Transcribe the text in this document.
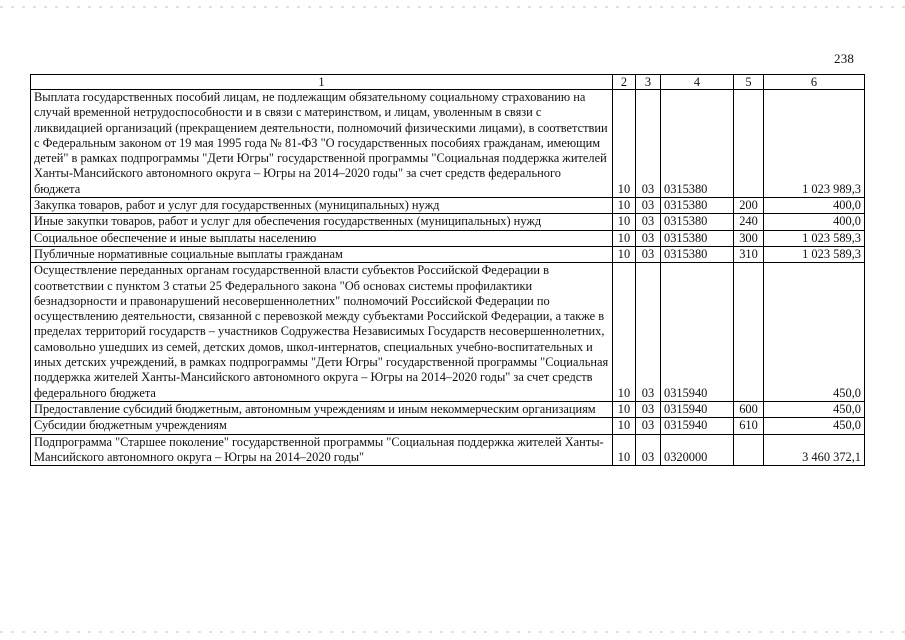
238
1	2	3	4	5	6
Выплата государственных пособий лицам, не подлежащим обязательному социальному страхованию на случай временной нетрудоспособности и в связи с материнством, и лицам, уволенным в связи с ликвидацией организаций (прекращением деятельности, полномочий физическими лицами), в соответствии с Федеральным законом от 19 мая 1995 года № 81-ФЗ "О государственных пособиях гражданам, имеющим детей" в рамках подпрограммы "Дети Югры" государственной программы "Социальная поддержка жителей Ханты-Мансийского автономного округа – Югры на 2014–2020 годы" за счет средств федерального бюджета	10	03	0315380		1 023 989,3
Закупка товаров, работ и услуг для государственных (муниципальных) нужд	10	03	0315380	200	400,0
Иные закупки товаров, работ и услуг для обеспечения государственных (муниципальных) нужд	10	03	0315380	240	400,0
Социальное обеспечение и иные выплаты населению	10	03	0315380	300	1 023 589,3
Публичные нормативные социальные выплаты гражданам	10	03	0315380	310	1 023 589,3
Осуществление переданных органам государственной власти субъектов Российской Федерации в соответствии с пунктом 3 статьи 25 Федерального закона "Об основах системы профилактики безнадзорности и правонарушений несовершеннолетних" полномочий Российской Федерации по осуществлению деятельности, связанной с перевозкой между субъектами Российской Федерации, а также в пределах территорий государств – участников Содружества Независимых Государств несовершеннолетних, самовольно ушедших из семей, детских домов, школ-интернатов, специальных учебно-воспитательных и иных детских учреждений, в рамках подпрограммы "Дети Югры" государственной программы "Социальная поддержка жителей Ханты-Мансийского автономного округа – Югры на 2014–2020 годы" за счет средств федерального бюджета	10	03	0315940		450,0
Предоставление субсидий бюджетным, автономным учреждениям и иным некоммерческим организациям	10	03	0315940	600	450,0
Субсидии бюджетным учреждениям	10	03	0315940	610	450,0
Подпрограмма "Старшее поколение" государственной программы "Социальная поддержка жителей Ханты-Мансийского автономного округа – Югры на 2014–2020 годы"	10	03	0320000		3 460 372,1
